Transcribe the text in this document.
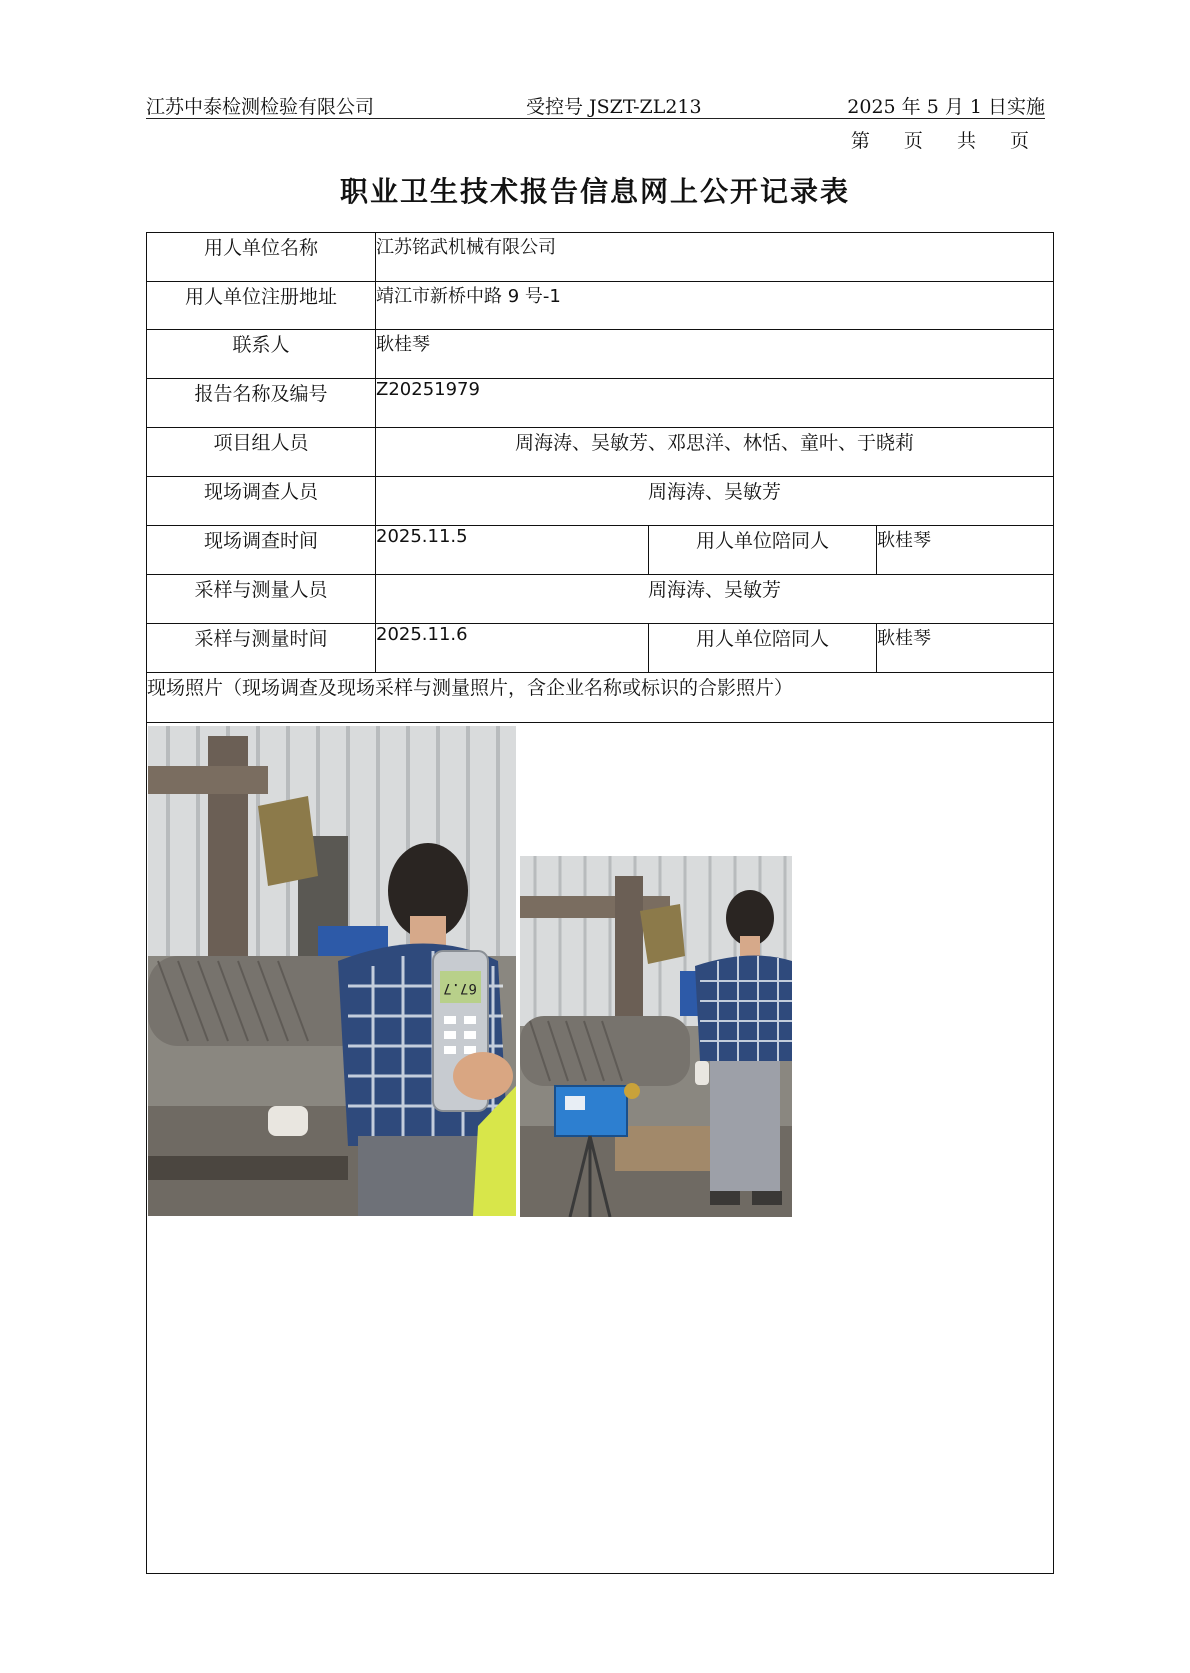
江苏中泰检测检验有限公司	受控号 JSZT-ZL213	2025 年 5 月 1 日实施
第 页 共 页
职业卫生技术报告信息网上公开记录表
用人单位名称	江苏铭武机械有限公司		
用人单位注册地址	靖江市新桥中路 9 号-1		
联系人	耿桂琴		
报告名称及编号	Z20251979		
项目组人员	周海涛、吴敏芳、邓思洋、林恬、童叶、于晓莉		
现场调查人员	周海涛、吴敏芳		
现场调查时间	2025.11.5	用人单位陪同人	耿桂琴
采样与测量人员	周海涛、吴敏芳		
采样与测量时间	2025.11.6	用人单位陪同人	耿桂琴
现场照片（现场调查及现场采样与测量照片，含企业名称或标识的合影照片）			

67.7			
